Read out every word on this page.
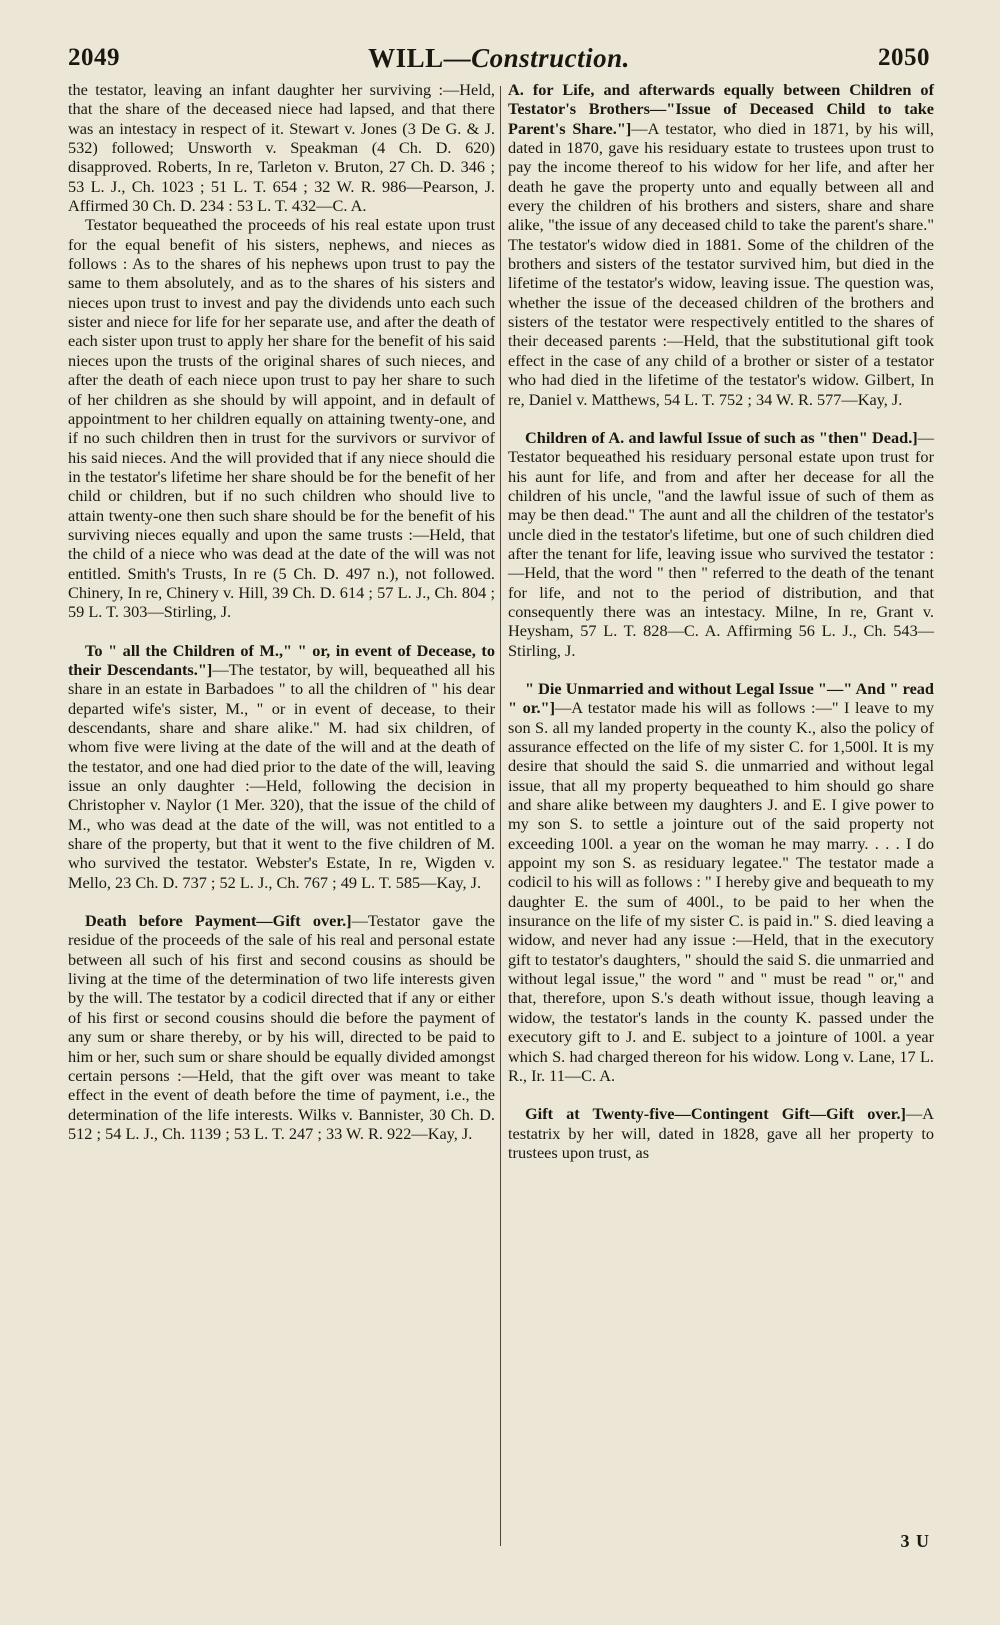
2049	WILL—Construction.	2050

the testator, leaving an infant daughter her surviving :—Held, that the share of the deceased niece had lapsed, and that there was an intestacy in respect of it. Stewart v. Jones (3 De G. & J. 532) followed; Unsworth v. Speakman (4 Ch. D. 620) disapproved. Roberts, In re, Tarleton v. Bruton, 27 Ch. D. 346 ; 53 L. J., Ch. 1023 ; 51 L. T. 654 ; 32 W. R. 986—Pearson, J. Affirmed 30 Ch. D. 234 : 53 L. T. 432—C. A.

Testator bequeathed the proceeds of his real estate upon trust for the equal benefit of his sisters, nephews, and nieces as follows : As to the shares of his nephews upon trust to pay the same to them absolutely, and as to the shares of his sisters and nieces upon trust to invest and pay the dividends unto each such sister and niece for life for her separate use, and after the death of each sister upon trust to apply her share for the benefit of his said nieces upon the trusts of the original shares of such nieces, and after the death of each niece upon trust to pay her share to such of her children as she should by will appoint, and in default of appointment to her children equally on attaining twenty-one, and if no such children then in trust for the survivors or survivor of his said nieces. And the will provided that if any niece should die in the testator's lifetime her share should be for the benefit of her child or children, but if no such children who should live to attain twenty-one then such share should be for the benefit of his surviving nieces equally and upon the same trusts :—Held, that the child of a niece who was dead at the date of the will was not entitled. Smith's Trusts, In re (5 Ch. D. 497 n.), not followed. Chinery, In re, Chinery v. Hill, 39 Ch. D. 614 ; 57 L. J., Ch. 804 ; 59 L. T. 303—Stirling, J.

To " all the Children of M.," " or, in event of Decease, to their Descendants."]—The testator, by will, bequeathed all his share in an estate in Barbadoes " to all the children of " his dear departed wife's sister, M., " or in event of decease, to their descendants, share and share alike." M. had six children, of whom five were living at the date of the will and at the death of the testator, and one had died prior to the date of the will, leaving issue an only daughter :—Held, following the decision in Christopher v. Naylor (1 Mer. 320), that the issue of the child of M., who was dead at the date of the will, was not entitled to a share of the property, but that it went to the five children of M. who survived the testator. Webster's Estate, In re, Wigden v. Mello, 23 Ch. D. 737 ; 52 L. J., Ch. 767 ; 49 L. T. 585—Kay, J.

Death before Payment—Gift over.]—Testator gave the residue of the proceeds of the sale of his real and personal estate between all such of his first and second cousins as should be living at the time of the determination of two life interests given by the will. The testator by a codicil directed that if any or either of his first or second cousins should die before the payment of any sum or share thereby, or by his will, directed to be paid to him or her, such sum or share should be equally divided amongst certain persons :—Held, that the gift over was meant to take effect in the event of death before the time of payment, i.e., the determination of the life interests. Wilks v. Bannister, 30 Ch. D. 512 ; 54 L. J., Ch. 1139 ; 53 L. T. 247 ; 33 W. R. 922—Kay, J.

A. for Life, and afterwards equally between Children of Testator's Brothers—"Issue of Deceased Child to take Parent's Share."]—A testator, who died in 1871, by his will, dated in 1870, gave his residuary estate to trustees upon trust to pay the income thereof to his widow for her life, and after her death he gave the property unto and equally between all and every the children of his brothers and sisters, share and share alike, "the issue of any deceased child to take the parent's share." The testator's widow died in 1881. Some of the children of the brothers and sisters of the testator survived him, but died in the lifetime of the testator's widow, leaving issue. The question was, whether the issue of the deceased children of the brothers and sisters of the testator were respectively entitled to the shares of their deceased parents :—Held, that the substitutional gift took effect in the case of any child of a brother or sister of a testator who had died in the lifetime of the testator's widow. Gilbert, In re, Daniel v. Matthews, 54 L. T. 752 ; 34 W. R. 577—Kay, J.

Children of A. and lawful Issue of such as "then" Dead.]—Testator bequeathed his residuary personal estate upon trust for his aunt for life, and from and after her decease for all the children of his uncle, "and the lawful issue of such of them as may be then dead." The aunt and all the children of the testator's uncle died in the testator's lifetime, but one of such children died after the tenant for life, leaving issue who survived the testator :—Held, that the word " then " referred to the death of the tenant for life, and not to the period of distribution, and that consequently there was an intestacy. Milne, In re, Grant v. Heysham, 57 L. T. 828—C. A. Affirming 56 L. J., Ch. 543—Stirling, J.

" Die Unmarried and without Legal Issue "—" And " read " or."]—A testator made his will as follows :—" I leave to my son S. all my landed property in the county K., also the policy of assurance effected on the life of my sister C. for 1,500l. It is my desire that should the said S. die unmarried and without legal issue, that all my property bequeathed to him should go share and share alike between my daughters J. and E. I give power to my son S. to settle a jointure out of the said property not exceeding 100l. a year on the woman he may marry. . . . I do appoint my son S. as residuary legatee." The testator made a codicil to his will as follows : " I hereby give and bequeath to my daughter E. the sum of 400l., to be paid to her when the insurance on the life of my sister C. is paid in." S. died leaving a widow, and never had any issue :—Held, that in the executory gift to testator's daughters, " should the said S. die unmarried and without legal issue," the word " and " must be read " or," and that, therefore, upon S.'s death without issue, though leaving a widow, the testator's lands in the county K. passed under the executory gift to J. and E. subject to a jointure of 100l. a year which S. had charged thereon for his widow. Long v. Lane, 17 L. R., Ir. 11—C. A.

Gift at Twenty-five—Contingent Gift—Gift over.]—A testatrix by her will, dated in 1828, gave all her property to trustees upon trust, as

3 U
